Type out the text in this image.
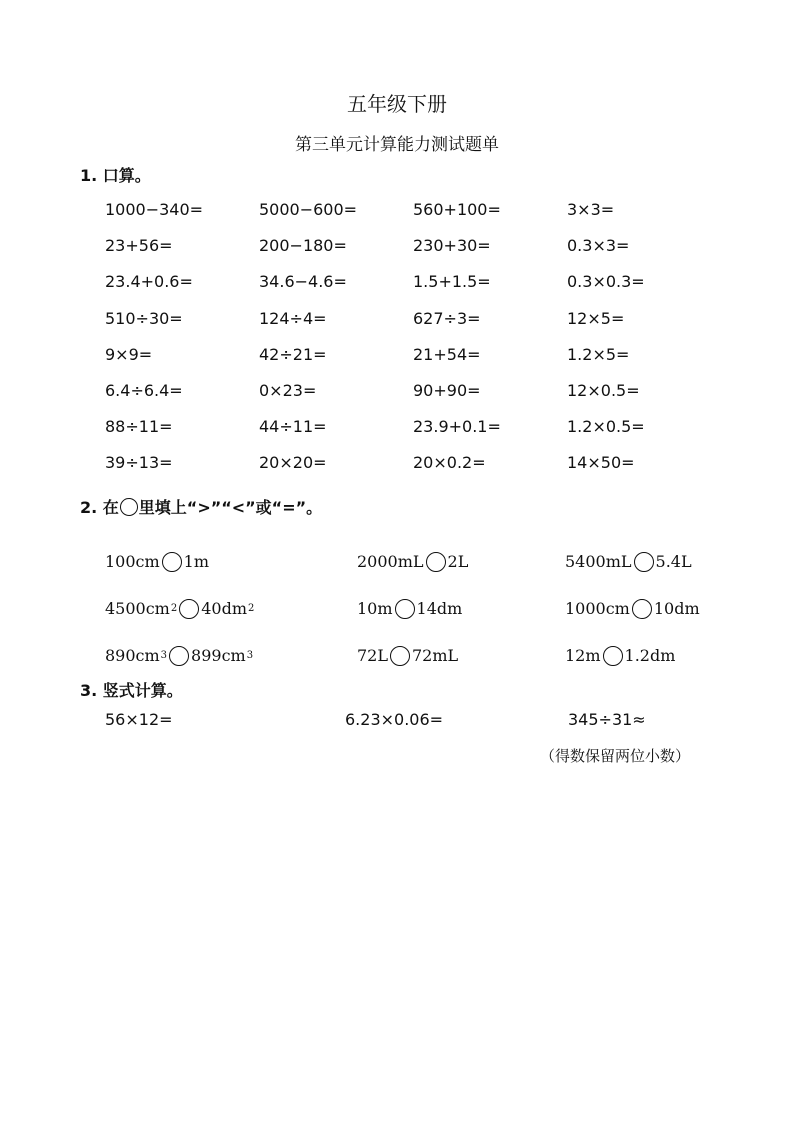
五年级下册
第三单元计算能力测试题单
1. 口算。
1000−340=	5000−600=	560+100=	3×3=
23+56=	200−180=	230+30=	0.3×3=
23.4+0.6=	34.6−4.6=	1.5+1.5=	0.3×0.3=
510÷30=	124÷4=	627÷3=	12×5=
9×9=	42÷21=	21+54=	1.2×5=
6.4÷6.4=	0×23=	90+90=	12×0.5=
88÷11=	44÷11=	23.9+0.1=	1.2×0.5=
39÷13=	20×20=	20×0.2=	14×50=
2. 在 里填上“>”“<”或“=”。
100cm 1m	2000mL 2L	5400mL 5.4L
4500cm 2 40dm 2	10m 14dm	1000cm 10dm
890cm 3 899cm 3	72L 72mL	12m 1.2dm
3. 竖式计算。
56×12=	6.23×0.06=	345÷31≈
（得数保留两位小数）
